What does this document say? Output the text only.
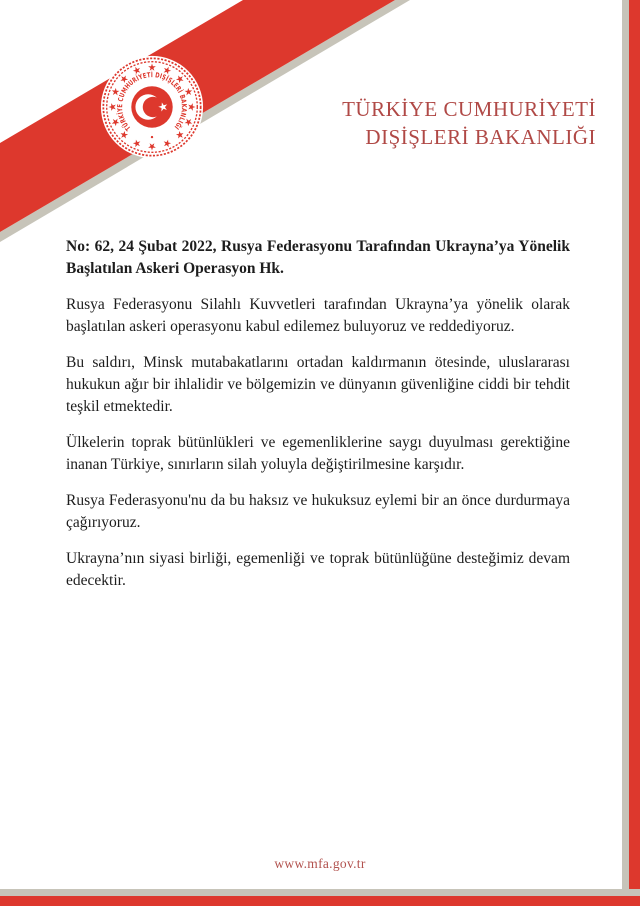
TÜRKİYE CUMHURİYETİ DIŞİŞLERİ BAKANLIĞI
TÜRKİYE CUMHURİYETİ
DIŞİŞLERİ BAKANLIĞI

No: 62, 24 Şubat 2022, Rusya Federasyonu Tarafından Ukrayna’ya Yönelik Başlatılan Askeri Operasyon Hk.

Rusya Federasyonu Silahlı Kuvvetleri tarafından Ukrayna’ya yönelik olarak başlatılan askeri operasyonu kabul edilemez buluyoruz ve reddediyoruz.

Bu saldırı, Minsk mutabakatlarını ortadan kaldırmanın ötesinde, uluslararası hukukun ağır bir ihlalidir ve bölgemizin ve dünyanın güvenliğine ciddi bir tehdit teşkil etmektedir.

Ülkelerin toprak bütünlükleri ve egemenliklerine saygı duyulması gerektiğine inanan Türkiye, sınırların silah yoluyla değiştirilmesine karşıdır.

Rusya Federasyonu'nu da bu haksız ve hukuksuz eylemi bir an önce durdurmaya çağırıyoruz.

Ukrayna’nın siyasi birliği, egemenliği ve toprak bütünlüğüne desteğimiz devam edecektir.

www.mfa.gov.tr
